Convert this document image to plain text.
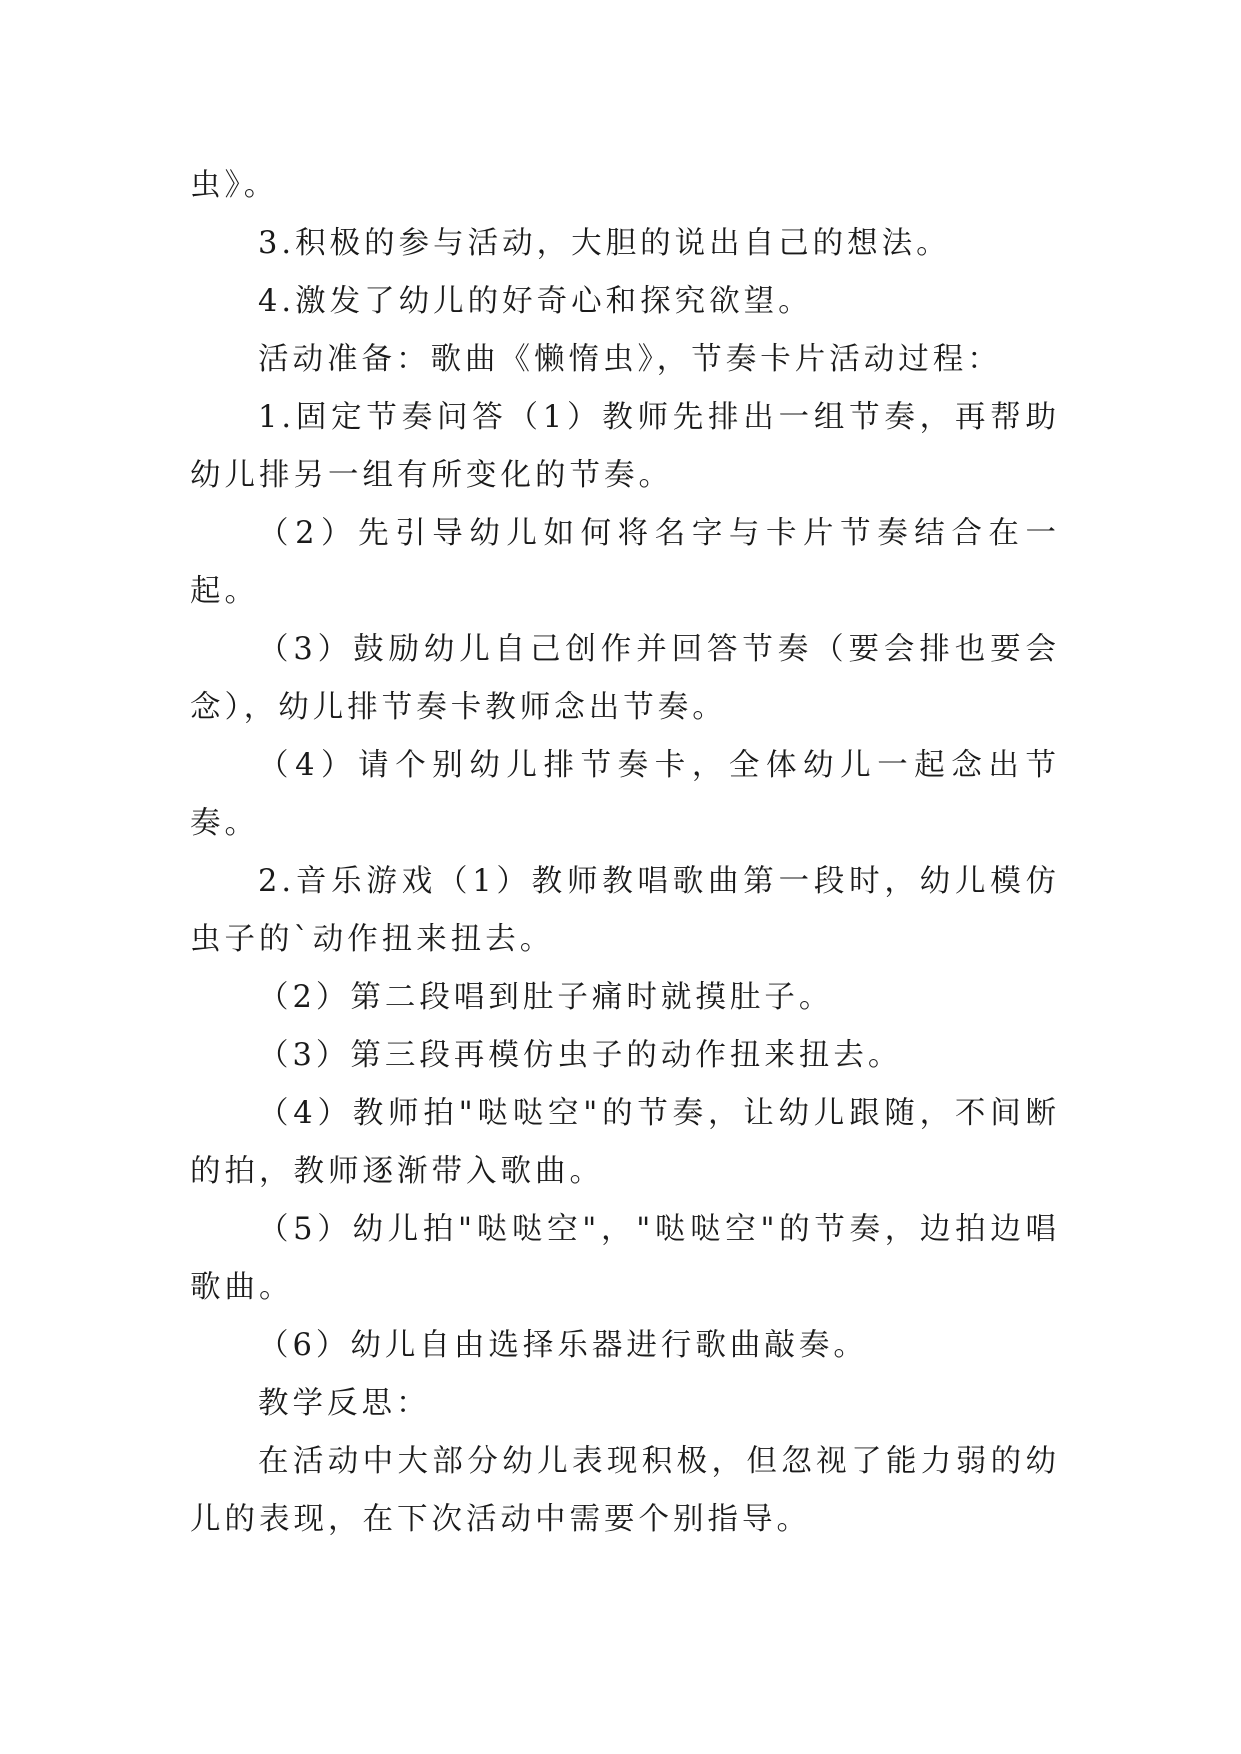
虫》。

3.积极的参与活动，大胆的说出自己的想法。

4.激发了幼儿的好奇心和探究欲望。

活动准备：歌曲《懒惰虫》，节奏卡片活动过程：

1.固定节奏问答（1）教师先排出一组节奏，再帮助幼儿排另一组有所变化的节奏。

（2）先引导幼儿如何将名字与卡片节奏结合在一起。

（3）鼓励幼儿自己创作并回答节奏（要会排也要会念），幼儿排节奏卡教师念出节奏。

（4）请个别幼儿排节奏卡，全体幼儿一起念出节奏。

2.音乐游戏（1）教师教唱歌曲第一段时，幼儿模仿虫子的`动作扭来扭去。

（2）第二段唱到肚子痛时就摸肚子。

（3）第三段再模仿虫子的动作扭来扭去。

（4）教师拍"哒哒空"的节奏，让幼儿跟随，不间断的拍，教师逐渐带入歌曲。

（5）幼儿拍"哒哒空"，"哒哒空"的节奏，边拍边唱歌曲。

（6）幼儿自由选择乐器进行歌曲敲奏。

教学反思：

在活动中大部分幼儿表现积极，但忽视了能力弱的幼儿的表现，在下次活动中需要个别指导。
